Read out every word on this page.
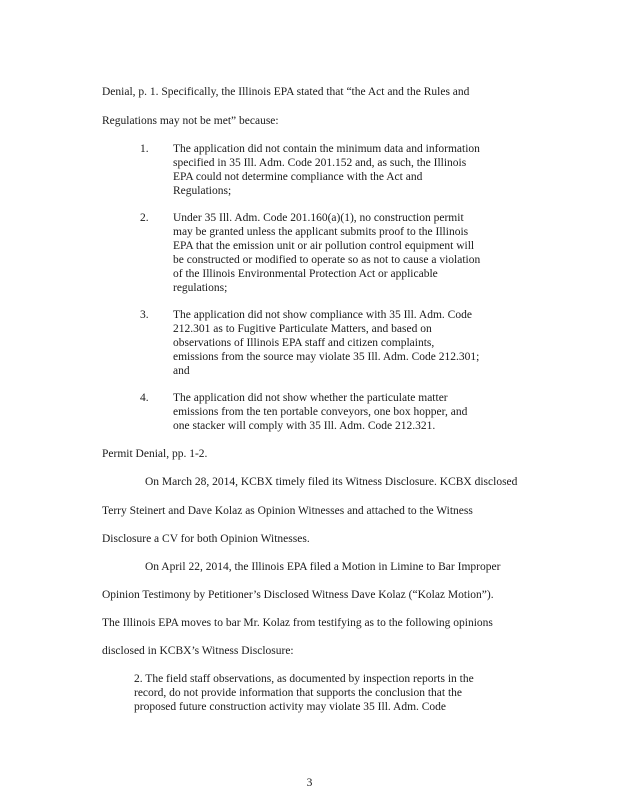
Denial, p. 1. Specifically, the Illinois EPA stated that “the Act and the Rules and
Regulations may not be met” because:
1.	The application did not contain the minimum data and information
specified in 35 Ill. Adm. Code 201.152 and, as such, the Illinois
EPA could not determine compliance with the Act and
Regulations;
2.	Under 35 Ill. Adm. Code 201.160(a)(1), no construction permit
may be granted unless the applicant submits proof to the Illinois
EPA that the emission unit or air pollution control equipment will
be constructed or modified to operate so as not to cause a violation
of the Illinois Environmental Protection Act or applicable
regulations;
3.	The application did not show compliance with 35 Ill. Adm. Code
212.301 as to Fugitive Particulate Matters, and based on
observations of Illinois EPA staff and citizen complaints,
emissions from the source may violate 35 Ill. Adm. Code 212.301;
and
4.	The application did not show whether the particulate matter
emissions from the ten portable conveyors, one box hopper, and
one stacker will comply with 35 Ill. Adm. Code 212.321.
Permit Denial, pp. 1-2.
On March 28, 2014, KCBX timely filed its Witness Disclosure. KCBX disclosed
Terry Steinert and Dave Kolaz as Opinion Witnesses and attached to the Witness
Disclosure a CV for both Opinion Witnesses.
On April 22, 2014, the Illinois EPA filed a Motion in Limine to Bar Improper
Opinion Testimony by Petitioner’s Disclosed Witness Dave Kolaz (“Kolaz Motion”).
The Illinois EPA moves to bar Mr. Kolaz from testifying as to the following opinions
disclosed in KCBX’s Witness Disclosure:
2. The field staff observations, as documented by inspection reports in the
record, do not provide information that supports the conclusion that the
proposed future construction activity may violate 35 Ill. Adm. Code
3
